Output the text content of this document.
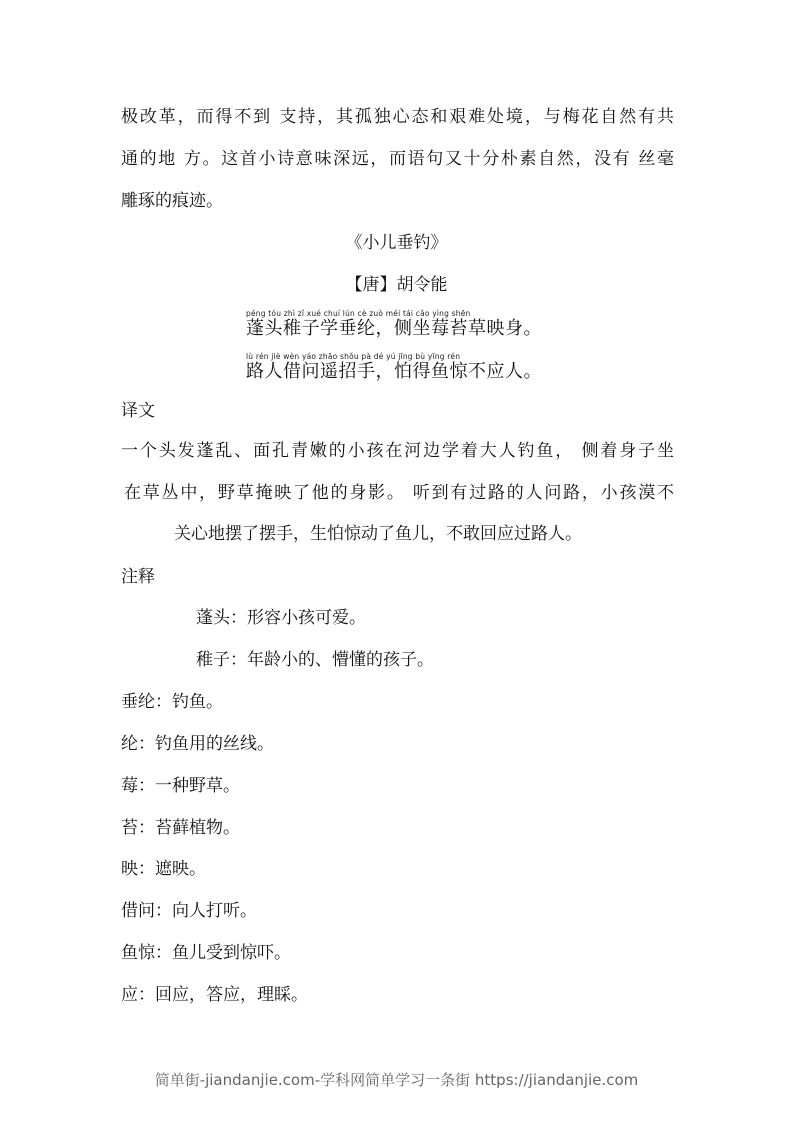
极改革，而得不到 支持，其孤独心态和艰难处境，与梅花自然有共
通的地 方。这首小诗意味深远，而语句又十分朴素自然，没有 丝毫
雕琢的痕迹。
《小儿垂钓》
【唐】胡令能
péng tóu zhì zǐ xué chuí lún cè zuò méi tái cǎo yìng shēn
蓬头稚子学垂纶，侧坐莓苔草映身。
lù rén jiè wèn yáo zhāo shǒu pà dé yú jīng bù yīng rén
路人借问遥招手，怕得鱼惊不应人。
译文
一个头发蓬乱、面孔青嫩的小孩在河边学着大人钓鱼， 侧着身子坐
在草丛中，野草掩映了他的身影。 听到有过路的人问路，小孩漠不
关心地摆了摆手，生怕惊动了鱼儿，不敢回应过路人。
注释
蓬头：形容小孩可爱。
稚子：年龄小的、懵懂的孩子。
垂纶：钓鱼。
纶：钓鱼用的丝线。
莓：一种野草。
苔：苔藓植物。
映：遮映。
借问：向人打听。
鱼惊：鱼儿受到惊吓。
应：回应，答应，理睬。
简单街-jiandanjie.com-学科网简单学习一条街 https://jiandanjie.com
